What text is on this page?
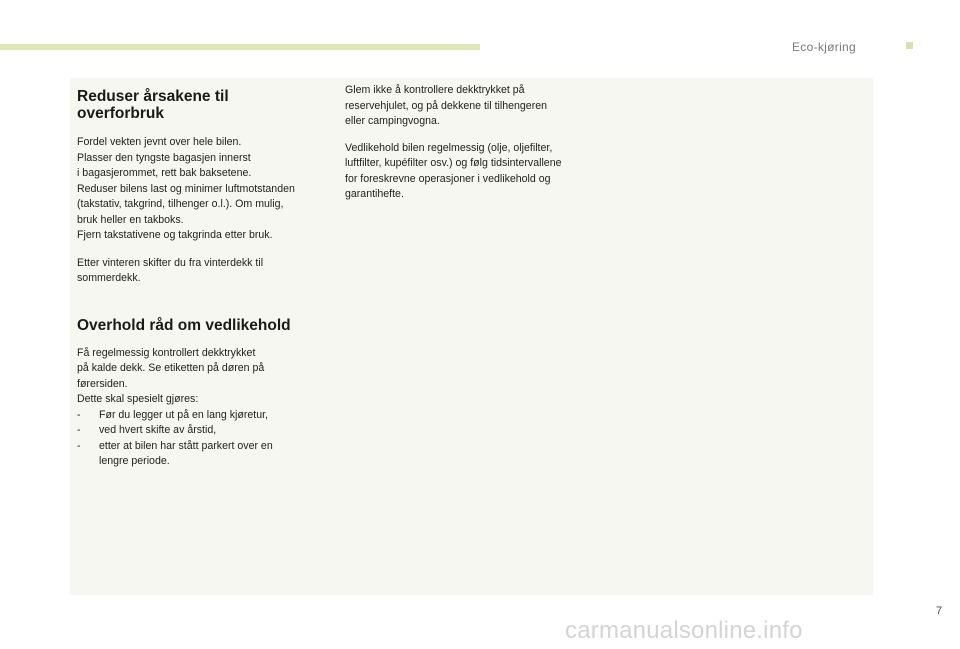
Eco-kjøring
Reduser årsakene til
overforbruk

Fordel vekten jevnt over hele bilen.
Plasser den tyngste bagasjen innerst
i bagasjerommet, rett bak baksetene.
Reduser bilens last og minimer luftmotstanden
(takstativ, takgrind, tilhenger o.l.). Om mulig,
bruk heller en takboks.
Fjern takstativene og takgrinda etter bruk.

Etter vinteren skifter du fra vinterdekk til
sommerdekk.

Overhold råd om vedlikehold

Få regelmessig kontrollert dekktrykket
på kalde dekk. Se etiketten på døren på
førersiden.
Dette skal spesielt gjøres:

- Før du legger ut på en lang kjøretur,
- ved hvert skifte av årstid,
- etter at bilen har stått parkert over en
lengre periode.

Glem ikke å kontrollere dekktrykket på
reservehjulet, og på dekkene til tilhengeren
eller campingvogna.

Vedlikehold bilen regelmessig (olje, oljefilter,
luftfilter, kupéfilter osv.) og følg tidsintervallene
for foreskrevne operasjoner i vedlikehold og
garantihefte.

7
carmanualsonline.info
